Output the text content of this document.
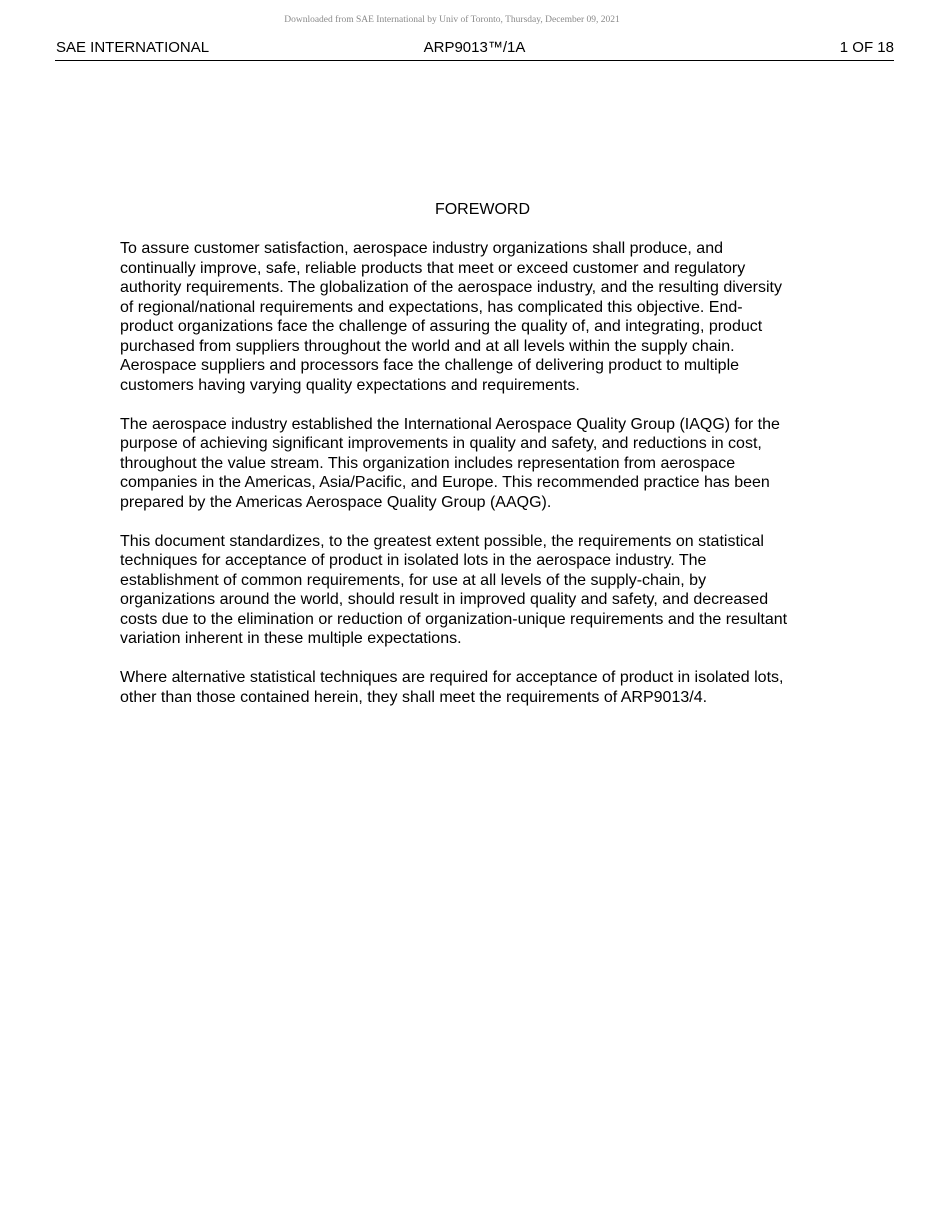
Downloaded from SAE International by Univ of Toronto, Thursday, December 09, 2021
SAE INTERNATIONAL	ARP9013™/1A	1 OF 18
FOREWORD

To assure customer satisfaction, aerospace industry organizations shall produce, and
continually improve, safe, reliable products that meet or exceed customer and regulatory
authority requirements. The globalization of the aerospace industry, and the resulting diversity
of regional/national requirements and expectations, has complicated this objective. End-
product organizations face the challenge of assuring the quality of, and integrating, product
purchased from suppliers throughout the world and at all levels within the supply chain.
Aerospace suppliers and processors face the challenge of delivering product to multiple
customers having varying quality expectations and requirements.

The aerospace industry established the International Aerospace Quality Group (IAQG) for the
purpose of achieving significant improvements in quality and safety, and reductions in cost,
throughout the value stream. This organization includes representation from aerospace
companies in the Americas, Asia/Pacific, and Europe. This recommended practice has been
prepared by the Americas Aerospace Quality Group (AAQG).

This document standardizes, to the greatest extent possible, the requirements on statistical
techniques for acceptance of product in isolated lots in the aerospace industry. The
establishment of common requirements, for use at all levels of the supply-chain, by
organizations around the world, should result in improved quality and safety, and decreased
costs due to the elimination or reduction of organization-unique requirements and the resultant
variation inherent in these multiple expectations.

Where alternative statistical techniques are required for acceptance of product in isolated lots,
other than those contained herein, they shall meet the requirements of ARP9013/4.
